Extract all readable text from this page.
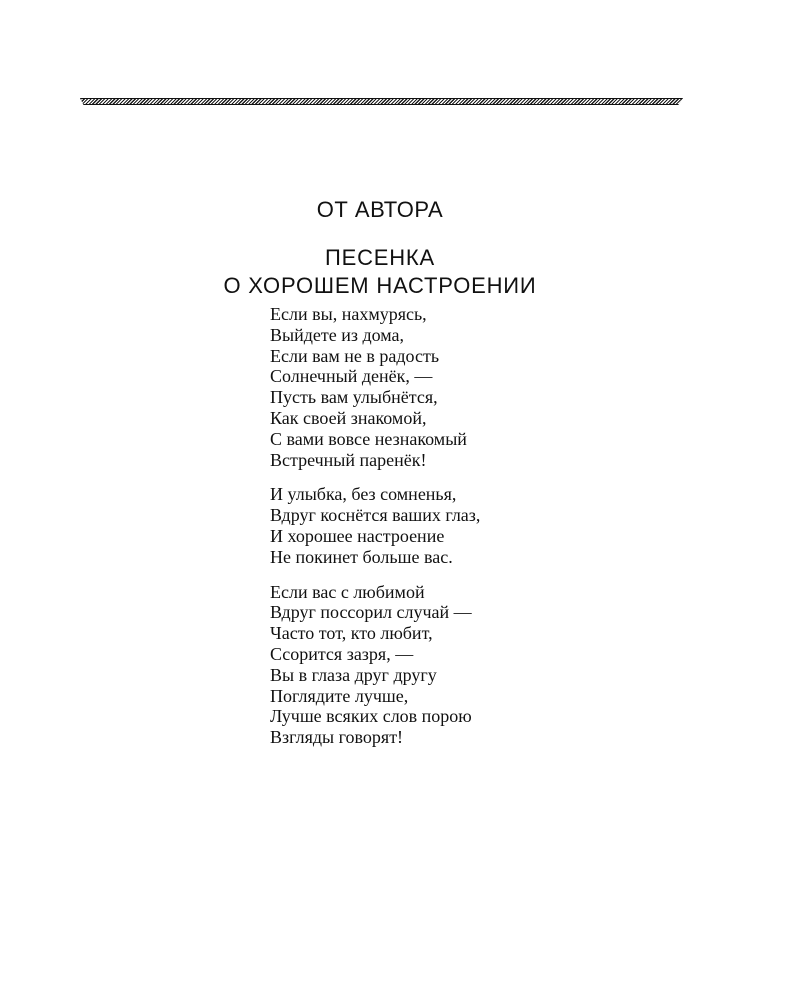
ОТ АВТОРА
ПЕСЕНКА
О ХОРОШЕМ НАСТРОЕНИИ
Если вы, нахмурясь,
Выйдете из дома,
Если вам не в радость
Солнечный денёк, —
Пусть вам улыбнётся,
Как своей знакомой,
С вами вовсе незнакомый
Встречный паренёк!
И улыбка, без сомненья,
Вдруг коснётся ваших глаз,
И хорошее настроение
Не покинет больше вас.
Если вас с любимой
Вдруг поссорил случай —
Часто тот, кто любит,
Ссорится зазря, —
Вы в глаза друг другу
Поглядите лучше,
Лучше всяких слов порою
Взгляды говорят!
